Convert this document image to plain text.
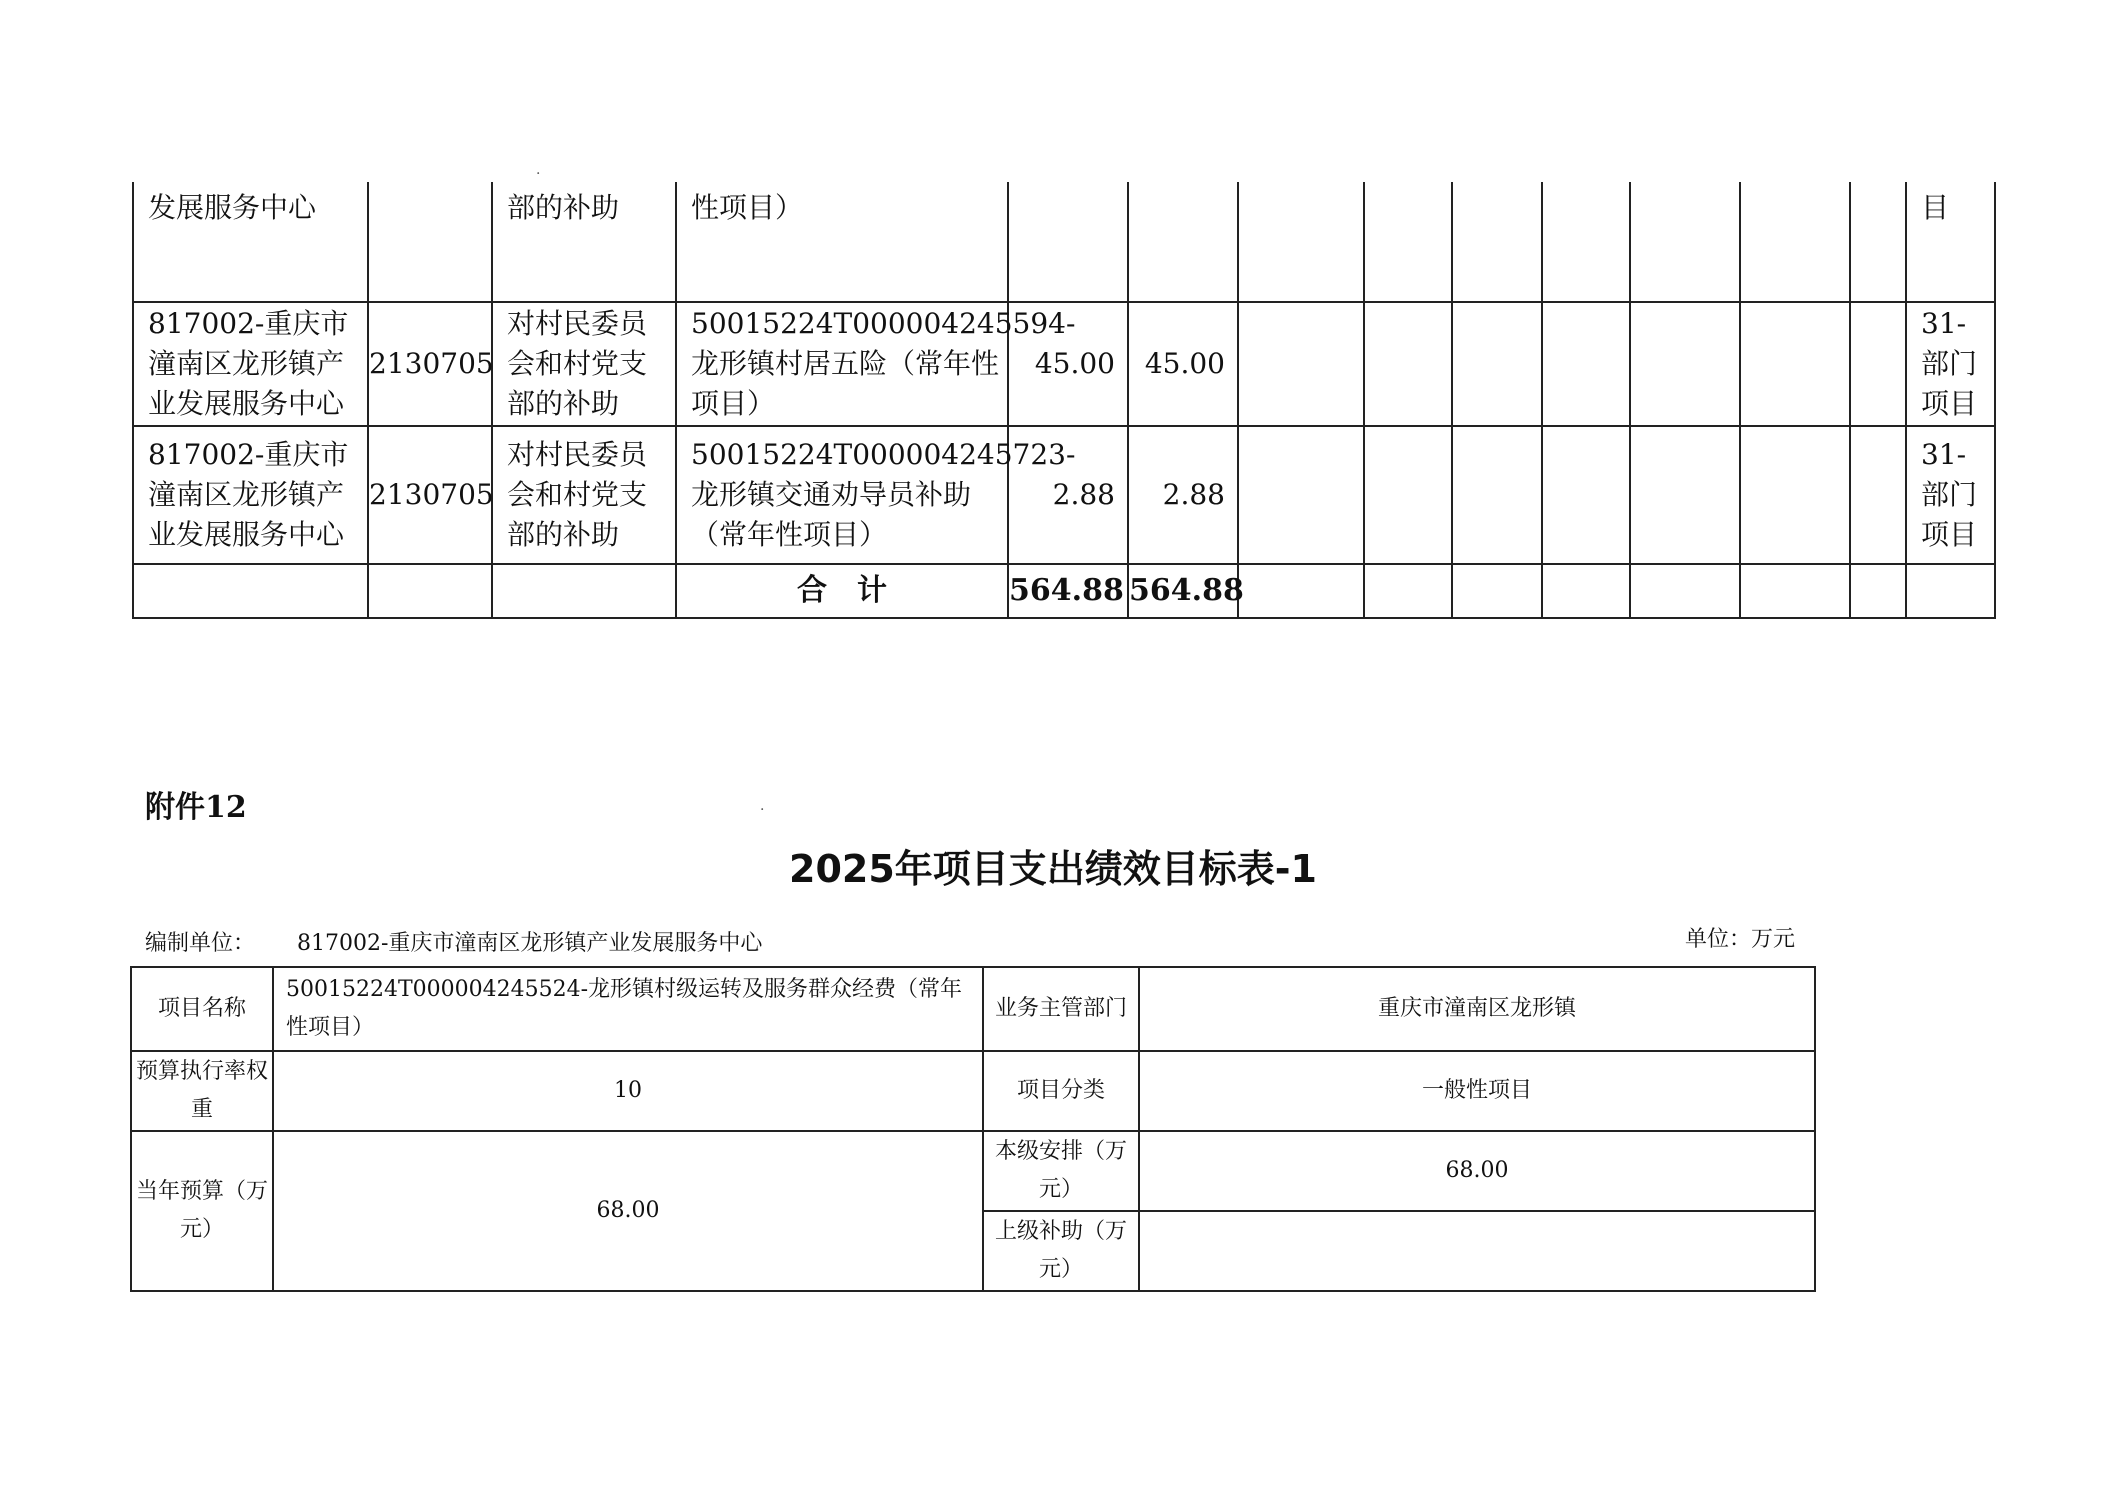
·
·
发展服务中心		部的补助	性项目）										目
817002-重庆市潼南区龙形镇产业发展服务中心	2130705	对村民委员会和村党支部的补助	50015224T000004245594-龙形镇村居五险（常年性项目）	45.00	45.00								31-部门项目
817002-重庆市潼南区龙形镇产业发展服务中心	2130705	对村民委员会和村党支部的补助	50015224T000004245723-龙形镇交通劝导员补助（常年性项目）	2.88	2.88								31-部门项目
			合　计	564.88	564.88								
附件12
2025年项目支出绩效目标表-1
编制单位： 817002-重庆市潼南区龙形镇产业发展服务中心	单位：万元
项目名称	50015224T000004245524-龙形镇村级运转及服务群众经费（常年性项目）	业务主管部门	重庆市潼南区龙形镇
预算执行率权重	10	项目分类	一般性项目
当年预算（万元）	68.00	本级安排（万元）	68.00
		上级补助（万元）	
